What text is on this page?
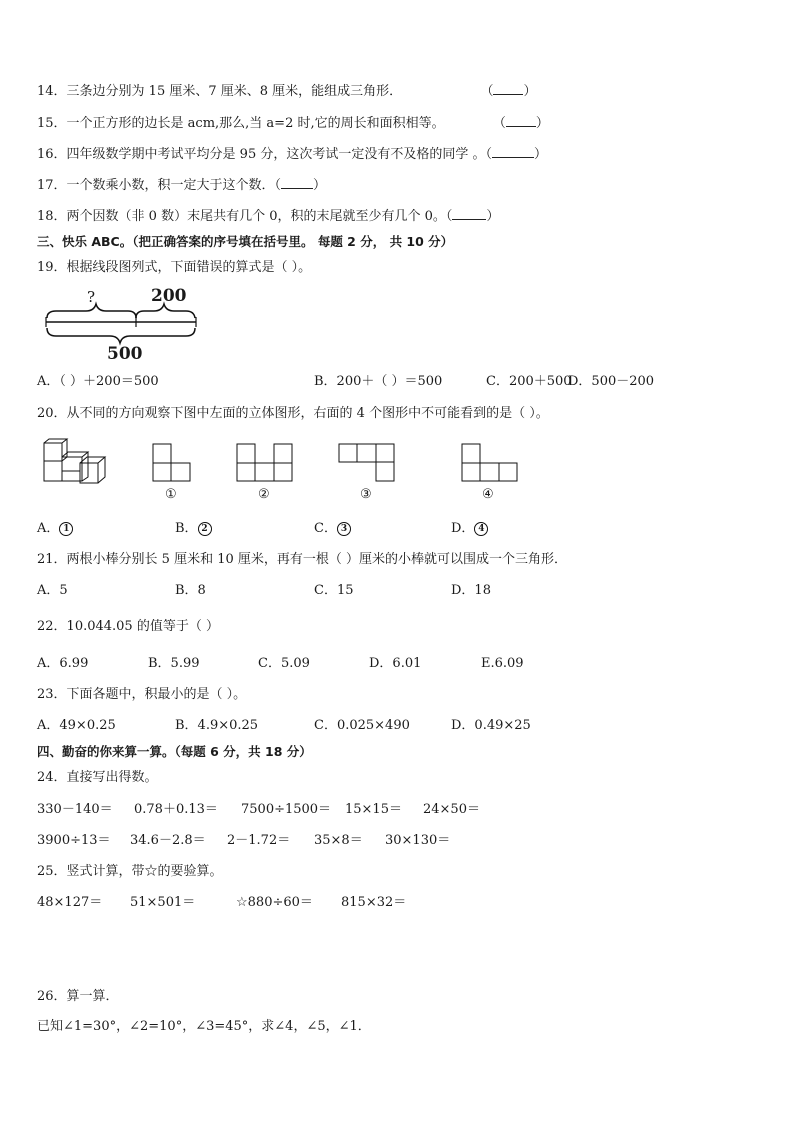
14．三条边分别为 15 厘米、7 厘米、8 厘米，能组成三角形．	（ ）
15．一个正方形的边长是 acm,那么,当 a=2 时,它的周长和面积相等。	（ ）
16．四年级数学期中考试平均分是 95 分，这次考试一定没有不及格的同学 。（	）
17．一个数乘小数，积一定大于这个数．（ ）
18．两个因数（非 0 数）末尾共有几个 0，积的末尾就至少有几个 0。（	）
三、快乐 ABC。（把正确答案的序号填在括号里。 每题 2 分， 共 10 分）
19．根据线段图列式，下面错误的算式是（ ）。
?	200
500
A．（ ）＋200＝500	B．200＋（ ）＝500	C．200＋500
D．500－200
20．从不同的方向观察下图中左面的立体图形，右面的 4 个图形中不可能看到的是（ ）。
①	②	③	④
A． 1	B． 2	C． 3	D． 4
21．两根小棒分别长 5 厘米和 10 厘米，再有一根（ ）厘米的小棒就可以围成一个三角形．
A．5	B．8	C．15	D．18
22．10.044.05 的值等于（ ）
A．6.99	B．5.99	C．5.09	D．6.01	E.6.09
23．下面各题中，积最小的是（ ）。
A．49×0.25	B．4.9×0.25	C．0.025×490	D．0.49×25
四、勤奋的你来算一算。（每题 6 分，共 18 分）
24．直接写出得数。
330－140＝ 0.78＋0.13＝ 7500÷1500＝ 15×15＝ 24×50＝
3900÷13＝ 34.6－2.8＝ 2－1.72＝ 35×8＝ 30×130＝
25．竖式计算，带☆的要验算。
48×127＝ 51×501＝	☆880÷60＝ 815×32＝
26．算一算．
已知∠1=30°，∠2=10°，∠3=45°，求∠4，∠5，∠1．
